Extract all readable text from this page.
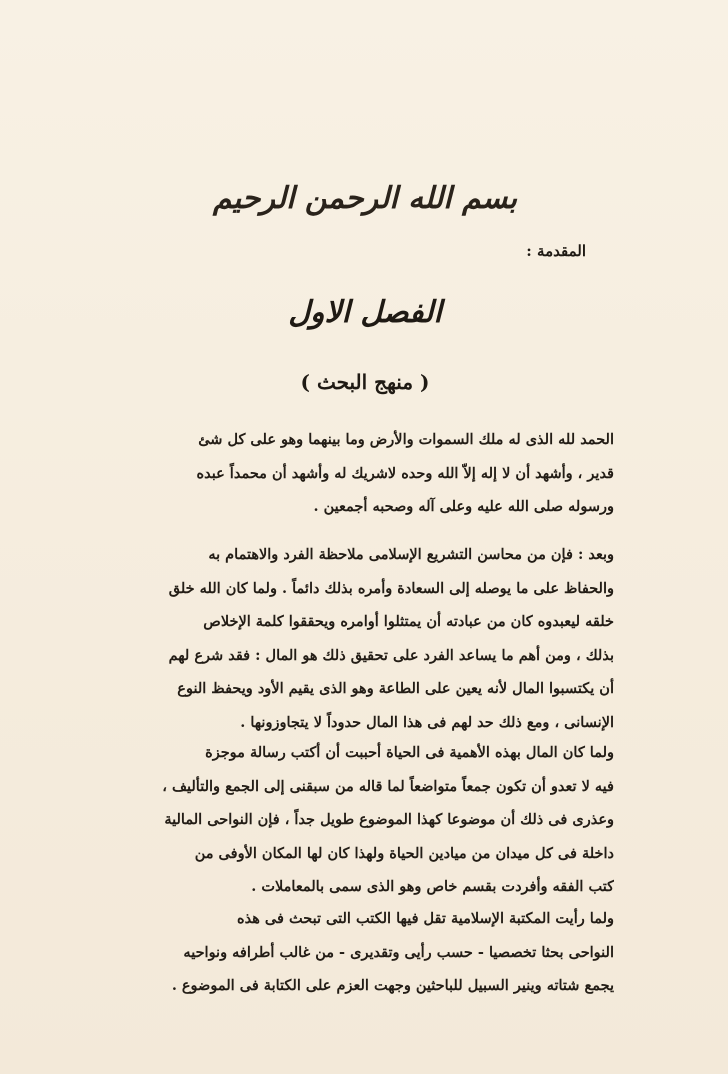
بسم الله الرحمن الرحيم
المقدمة :
الفصل الاول
( منهج البحث )

الحمد لله الذى له ملك السموات والأرض وما بينهما وهو على كل شئ

قدير ، وأشهد أن لا إله إلاّ الله وحده لاشريك له وأشهد أن محمداً عبده

ورسوله صلى الله عليه وعلى آله وصحبه أجمعين .

وبعد : فإن من محاسن التشريع الإسلامى ملاحظة الفرد والاهتمام به

والحفاظ على ما يوصله إلى السعادة وأمره بذلك دائماً . ولما كان الله خلق

خلقه ليعبدوه كان من عبادته أن يمتثلوا أوامره ويحققوا كلمة الإخلاص

بذلك ، ومن أهم ما يساعد الفرد على تحقيق ذلك هو المال : فقد شرع لهم

أن يكتسبوا المال لأنه يعين على الطاعة وهو الذى يقيم الأود ويحفظ النوع

الإنسانى ، ومع ذلك حد لهم فى هذا المال حدوداً لا يتجاوزونها .

ولما كان المال بهذه الأهمية فى الحياة أحببت أن أكتب رسالة موجزة

فيه لا تعدو أن تكون جمعاً متواضعاً لما قاله من سبقنى إلى الجمع والتأليف ،

وعذرى فى ذلك أن موضوعا كهذا الموضوع طويل جداً ، فإن النواحى المالية

داخلة فى كل ميدان من ميادين الحياة ولهذا كان لها المكان الأوفى من

كتب الفقه وأفردت بقسم خاص وهو الذى سمى بالمعاملات .

ولما رأيت المكتبة الإسلامية تقل فيها الكتب التى تبحث فى هذه

النواحى بحثا تخصصيا - حسب رأيى وتقديرى - من غالب أطرافه ونواحيه

يجمع شتاته وينير السبيل للباحثين وجهت العزم على الكتابة فى الموضوع .
